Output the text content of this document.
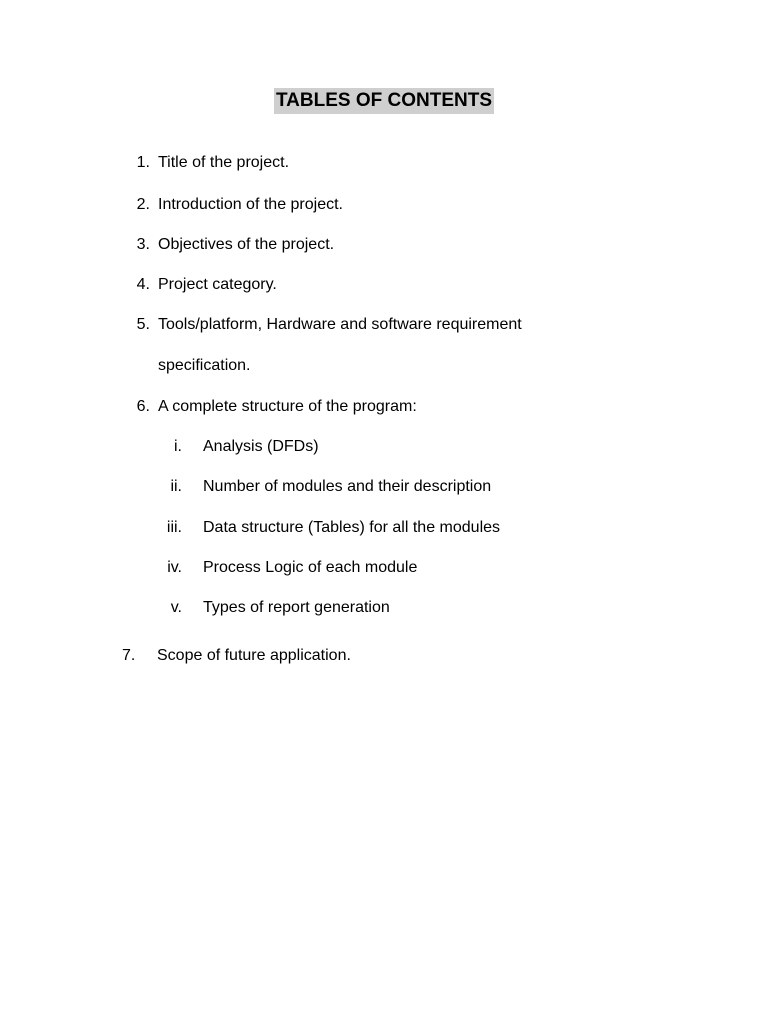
TABLES OF CONTENTS
1. Title of the project.
2. Introduction of the project.
3. Objectives of the project.
4. Project category.
5. Tools/platform, Hardware and software requirement
specification.
6. A complete structure of the program:
i. Analysis (DFDs)
ii. Number of modules and their description
iii. Data structure (Tables) for all the modules
iv. Process Logic of each module
v. Types of report generation
7. Scope of future application.
